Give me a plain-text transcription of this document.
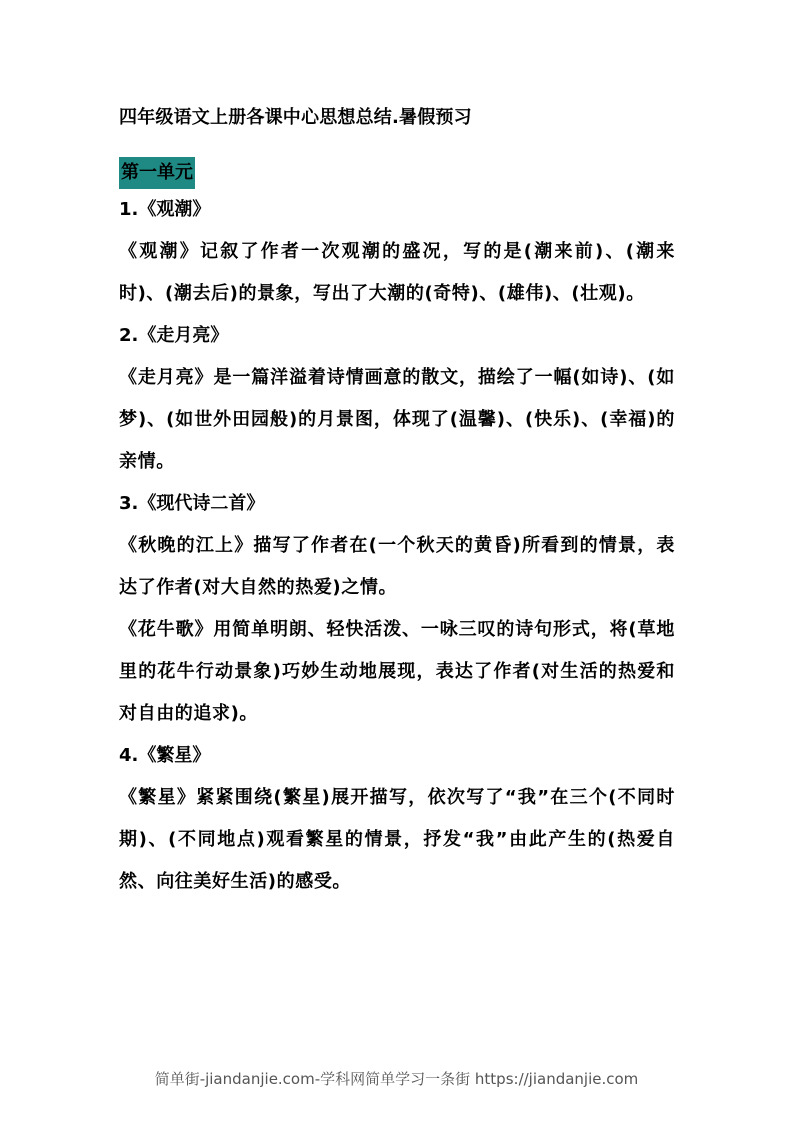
四年级语文上册各课中心思想总结.暑假预习

第一单元

1.《观潮》

《观潮》记叙了作者一次观潮的盛况，写的是(潮来前)、(潮来时)、(潮去后)的景象，写出了大潮的(奇特)、(雄伟)、(壮观)。

2.《走月亮》

《走月亮》是一篇洋溢着诗情画意的散文，描绘了一幅(如诗)、(如梦)、(如世外田园般)的月景图，体现了(温馨)、(快乐)、(幸福)的亲情。

3.《现代诗二首》

《秋晚的江上》描写了作者在(一个秋天的黄昏)所看到的情景，表达了作者(对大自然的热爱)之情。

《花牛歌》用简单明朗、轻快活泼、一咏三叹的诗句形式，将(草地里的花牛行动景象)巧妙生动地展现，表达了作者(对生活的热爱和对自由的追求)。

4.《繁星》

《繁星》紧紧围绕(繁星)展开描写，依次写了“我”在三个(不同时期)、(不同地点)观看繁星的情景，抒发“我”由此产生的(热爱自然、向往美好生活)的感受。

简单街-jiandanjie.com-学科网简单学习一条街 https://jiandanjie.com
